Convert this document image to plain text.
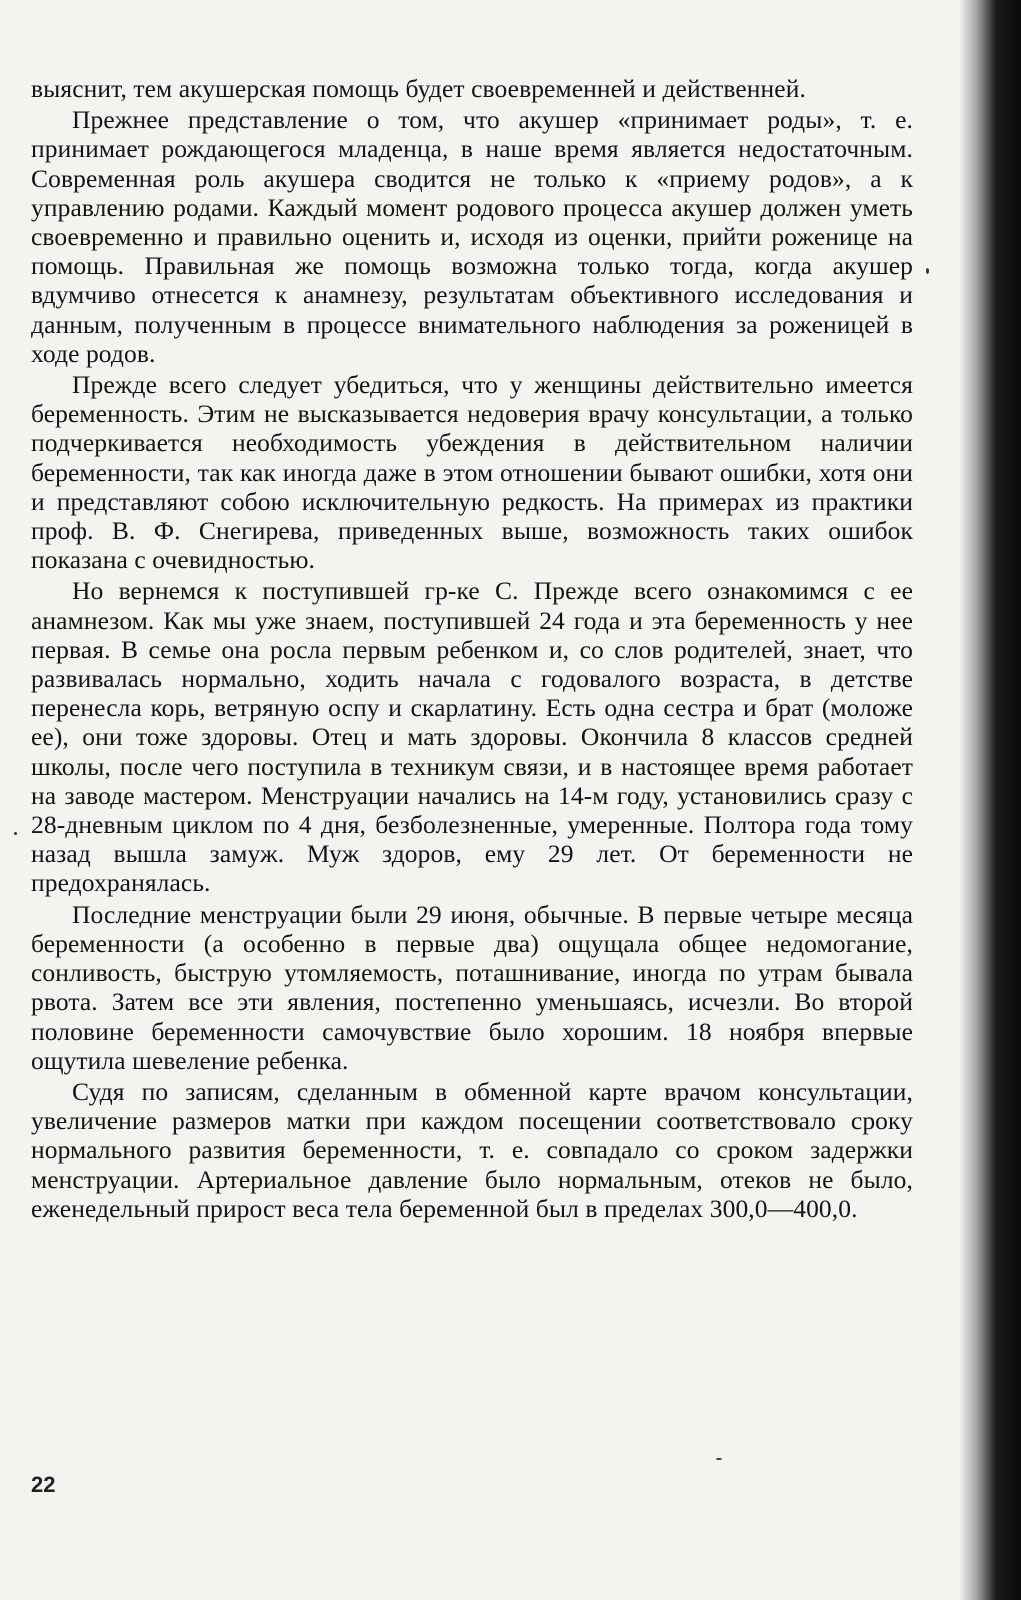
выяснит, тем акушерская помощь будет своевременней и действенней.

Прежнее представление о том, что акушер «принимает роды», т. е. принимает рождающегося младенца, в наше время является недостаточным. Современная роль акушера сводится не только к «приему родов», а к управлению родами. Каждый момент родового процесса акушер должен уметь своевременно и правильно оценить и, исходя из оценки, прийти роженице на помощь. Правильная же помощь возможна только тогда, когда акушер вдумчиво отнесется к анамнезу, результатам объективного исследования и данным, полученным в процессе внимательного наблюдения за роженицей в ходе родов.

Прежде всего следует убедиться, что у женщины действительно имеется беременность. Этим не высказывается недоверия врачу консультации, а только подчеркивается необходимость убеждения в действительном наличии беременности, так как иногда даже в этом отношении бывают ошибки, хотя они и представляют собою исключительную редкость. На примерах из практики проф. В. Ф. Снегирева, приведенных выше, возможность таких ошибок показана с очевидностью.

Но вернемся к поступившей гр-ке С. Прежде всего ознакомимся с ее анамнезом. Как мы уже знаем, поступившей 24 года и эта беременность у нее первая. В семье она росла первым ребенком и, со слов родителей, знает, что развивалась нормально, ходить начала с годовалого возраста, в детстве перенесла корь, ветряную оспу и скарлатину. Есть одна сестра и брат (моложе ее), они тоже здоровы. Отец и мать здоровы. Окончила 8 классов средней школы, после чего поступила в техникум связи, и в настоящее время работает на заводе мастером. Менструации начались на 14-м году, установились сразу с 28-дневным циклом по 4 дня, безболезненные, умеренные. Полтора года тому назад вышла замуж. Муж здоров, ему 29 лет. От беременности не предохранялась.

Последние менструации были 29 июня, обычные. В первые четыре месяца беременности (а особенно в первые два) ощущала общее недомогание, сонливость, быструю утомляемость, поташнивание, иногда по утрам бывала рвота. Затем все эти явления, постепенно уменьшаясь, исчезли. Во второй половине беременности самочувствие было хорошим. 18 ноября впервые ощутила шевеление ребенка.

Судя по записям, сделанным в обменной карте врачом консультации, увеличение размеров матки при каждом посещении соответствовало сроку нормального развития беременности, т. е. совпадало со сроком задержки менструации. Артериальное давление было нормальным, отеков не было, еженедельный прирост веса тела беременной был в пределах 300,0—400,0.

22
